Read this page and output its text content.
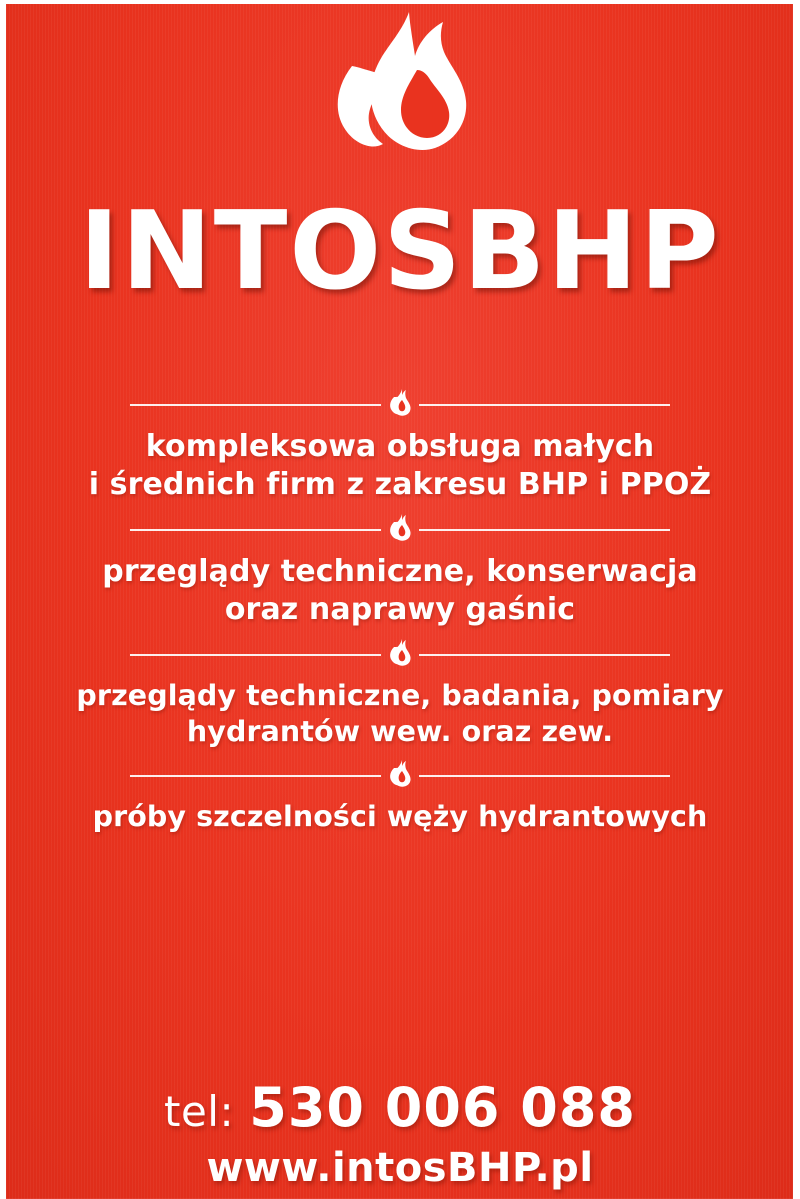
INTOSBHP
kompleksowa obsługa małych
i średnich firm z zakresu BHP i PPOŻ
przeglądy techniczne, konserwacja
oraz naprawy gaśnic
przeglądy techniczne, badania, pomiary
hydrantów wew. oraz zew.
próby szczelności węży hydrantowych
tel: 530 006 088
www.intosBHP.pl
